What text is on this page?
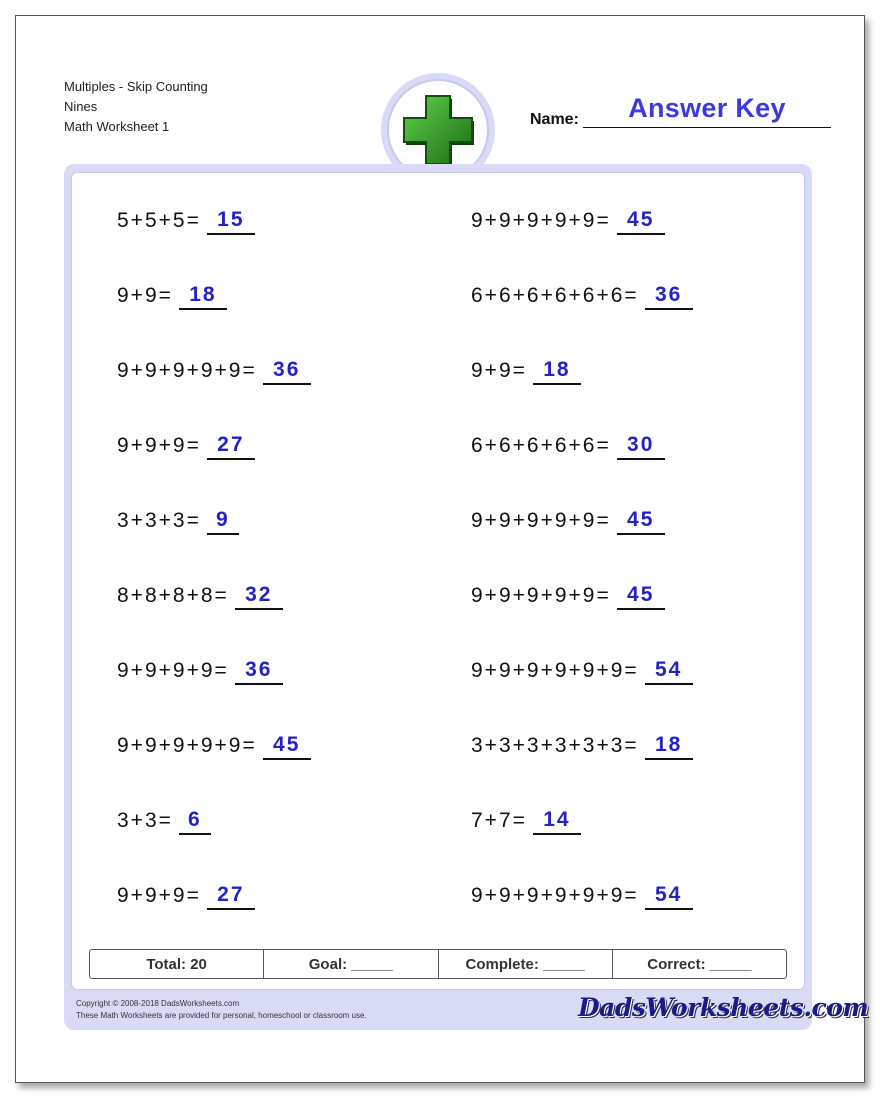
Multiples - Skip Counting
Nines
Math Worksheet 1	Name:	Answer Key
5+5+5= 15
9+9= 18
9+9+9+9+9= 36
9+9+9= 27
3+3+3= 9
8+8+8+8= 32
9+9+9+9= 36
9+9+9+9+9= 45
3+3= 6
9+9+9= 27
9+9+9+9+9= 45
6+6+6+6+6+6= 36
9+9= 18
6+6+6+6+6= 30
9+9+9+9+9= 45
9+9+9+9+9= 45
9+9+9+9+9+9= 54
3+3+3+3+3+3= 18
7+7= 14
9+9+9+9+9+9= 54
Total: 20	Goal: _____	Complete: _____	Correct: _____
Copyright © 2008-2018 DadsWorksheets.com
These Math Worksheets are provided for personal, homeschool or classroom use.	DadsWorksheets.com
